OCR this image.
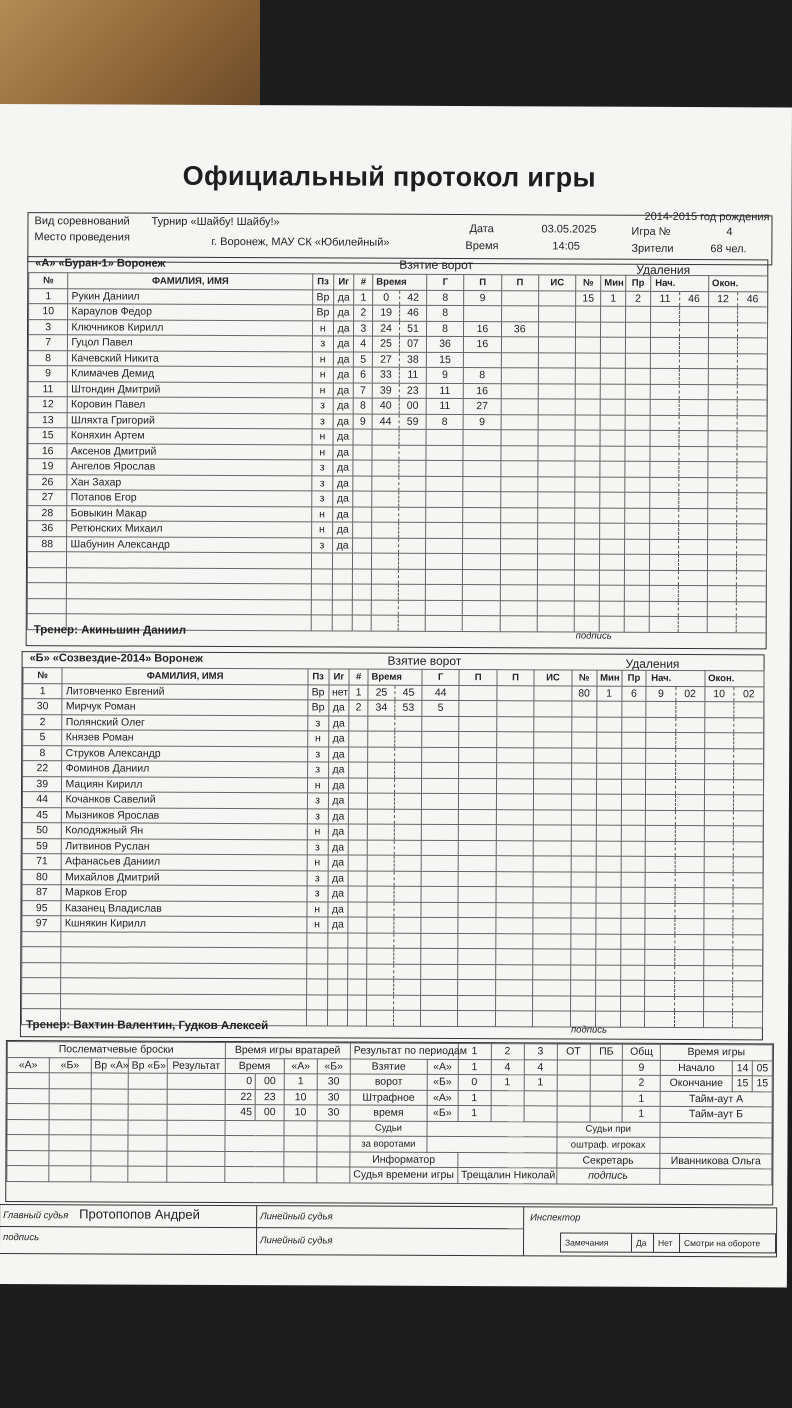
Официальный протокол игры
Вид соревнований Турнир «Шайбу! Шайбу!»
Место проведения	г. Воронеж, МАУ СК «Юбилейный»
Дата	03.05.2025
Время	14:05
2014-2015 год рождения
Игра №	4
Зрители	68 чел.
«А» «Буран-1» Воронеж	Взятие ворот	Удаления
№	ФАМИЛИЯ, ИМЯ	Пз	Иг	#	Время		Г	П	П	ИС	№	Мин	Пр	Нач.		Окон.	
1	Рукин Даниил	Вр	да	1	0	42	8	9			15	1	2	11	46	12	46
10	Караулов Федор	Вр	да	2	19	46	8										
3	Ключников Кирилл	н	да	3	24	51	8	16	36								
7	Гуцол Павел	з	да	4	25	07	36	16									
8	Качевский Никита	н	да	5	27	38	15										
9	Климачев Демид	н	да	6	33	11	9	8									
11	Штондин Дмитрий	н	да	7	39	23	11	16									
12	Коровин Павел	з	да	8	40	00	11	27									
13	Шляхта Григорий	з	да	9	44	59	8	9									
15	Коняхин Артем	н	да														
16	Аксенов Дмитрий	н	да														
19	Ангелов Ярослав	з	да														
26	Хан Захар	з	да														
27	Потапов Егор	з	да														
28	Бовыкин Макар	н	да														
36	Ретюнских Михаил	н	да														
88	Шабунин Александр	з	да														

Тренер: Акиньшин Даниил	подпись
«Б» «Созвездие-2014» Воронеж	Взятие ворот	Удаления
№	ФАМИЛИЯ, ИМЯ	Пз	Иг	#	Время		Г	П	П	ИС	№	Мин	Пр	Нач.		Окон.	
1	Литовченко Евгений	Вр	нет	1	25	45	44				80	1	6	9	02	10	02
30	Мирчук Роман	Вр	да	2	34	53	5										
2	Полянский Олег	з	да														
5	Князев Роман	н	да														
8	Струков Александр	з	да														
22	Фоминов Даниил	з	да														
39	Мациян Кирилл	н	да														
44	Кочанков Савелий	з	да														
45	Мызников Ярослав	з	да														
50	Колодяжный Ян	н	да														
59	Литвинов Руслан	з	да														
71	Афанасьев Даниил	н	да														
80	Михайлов Дмитрий	з	да														
87	Марков Егор	з	да														
95	Казанец Владислав	н	да														
97	Кшнякин Кирилл	н	да														

Тренер: Вахтин Валентин, Гудков Алексей	подпись
Послематчевые броски					Время игры вратарей				Результат по периодам		1	2	3	ОТ	ПБ	Общ	Время игры		
«А»	«Б»	Вр «А»	Вр «Б»	Результат	Время		«А»	«Б»	Взятие	«А»	1	4	4			9	Начало	14	05
					0	00	1	30	ворот	«Б»	0	1	1			2	Окончание	15	15
					22	23	10	30	Штрафное	«А»	1					1	Тайм-аут А		
					45	00	10	30	время	«Б»	1					1	Тайм-аут Б		
									Судьи					Судьи при					
									за воротами					оштраф. игроках					
									Информатор					Секретарь			Иванникова Ольга		
									Судья времени игры		Трещалин Николай			подпись					
Главный судья Протопопов Андрей	Линейный судья
Линейный судья
подпись
Инспектор
Замечания	Да	Нет	Смотри на обороте
